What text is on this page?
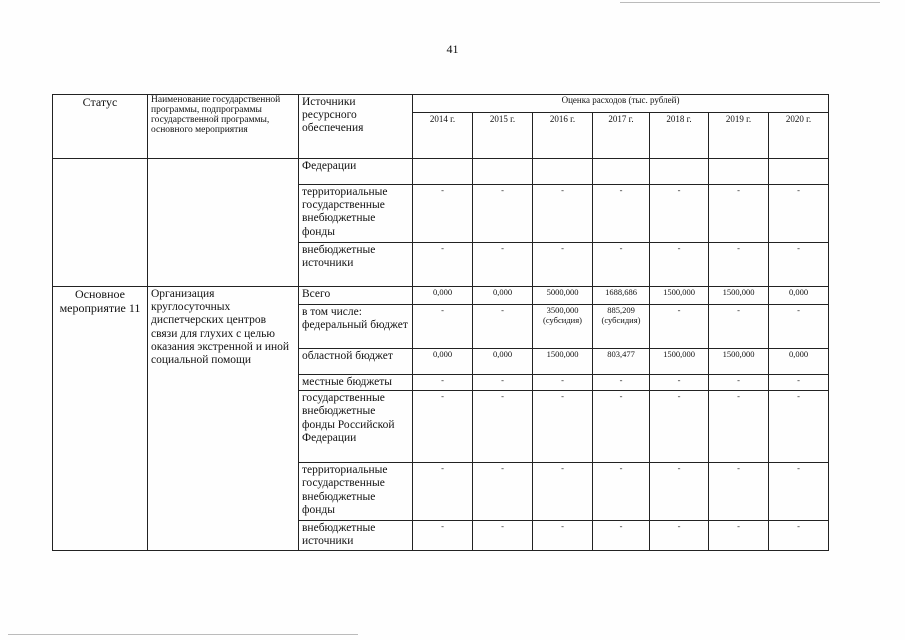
41
Статус	Наименование государственной программы, подпрограммы государственной программы, основного мероприятия	Источники ресурсного обеспечения	Оценка расходов (тыс. рублей)						
			2014 г.	2015 г.	2016 г.	2017 г.	2018 г.	2019 г.	2020 г.
		Федерации							
		территориальные государственные внебюджетные фонды	-	-	-	-	-	-	-
		внебюджетные источники	-	-	-	-	-	-	-
Основное мероприятие 11	Организация круглосуточных диспетчерских центров связи для глухих с целью оказания экстренной и иной социальной помощи	Всего	0,000	0,000	5000,000	1688,686	1500,000	1500,000	0,000
		в том числе: федеральный бюджет	-	-	3500,000 (субсидия)	885,209 (субсидия)	-	-	-
		областной бюджет	0,000	0,000	1500,000	803,477	1500,000	1500,000	0,000
		местные бюджеты	-	-	-	-	-	-	-
		государственные внебюджетные фонды Российской Федерации	-	-	-	-	-	-	-
		территориальные государственные внебюджетные фонды	-	-	-	-	-	-	-
		внебюджетные источники	-	-	-	-	-	-	-
